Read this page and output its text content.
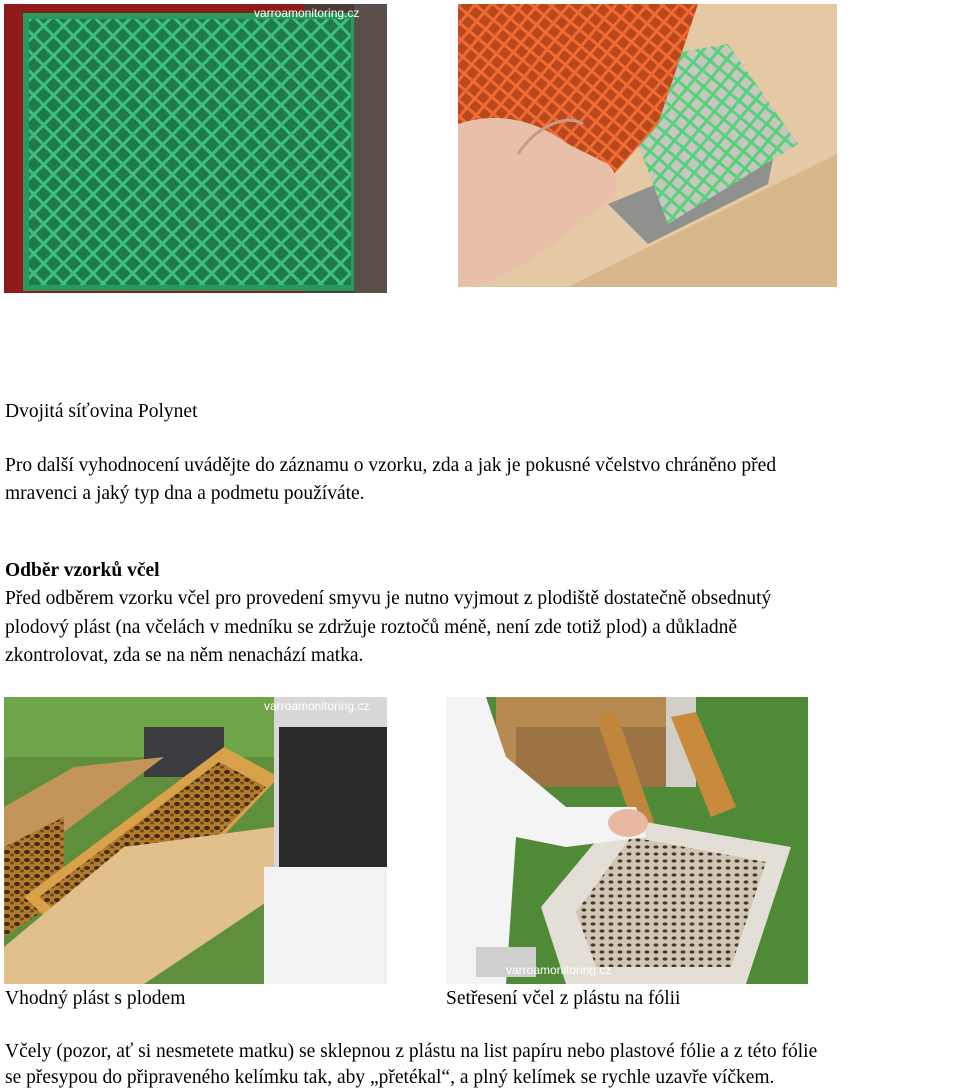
varroamonitoring.cz
Dvojitá síťovina Polynet
Pro další vyhodnocení uvádějte do záznamu o vzorku, zda a jak je pokusné včelstvo chráněno před
mravenci a jaký typ dna a podmetu používáte.
Odběr vzorků včel
Před odběrem vzorku včel pro provedení smyvu je nutno vyjmout z plodiště dostatečně obsednutý
plodový plást (na včelách v medníku se zdržuje roztočů méně, není zde totiž plod) a důkladně
zkontrolovat, zda se na něm nenachází matka.
varroamonitoring.cz
varroamonitoring.cz
Vhodný plást s plodem	Setřesení včel z plástu na fólii
Včely (pozor, ať si nesmetete matku) se sklepnou z plástu na list papíru nebo plastové fólie a z této fólie
se přesypou do připraveného kelímku tak, aby „přetékal“, a plný kelímek se rychle uzavře víčkem.
